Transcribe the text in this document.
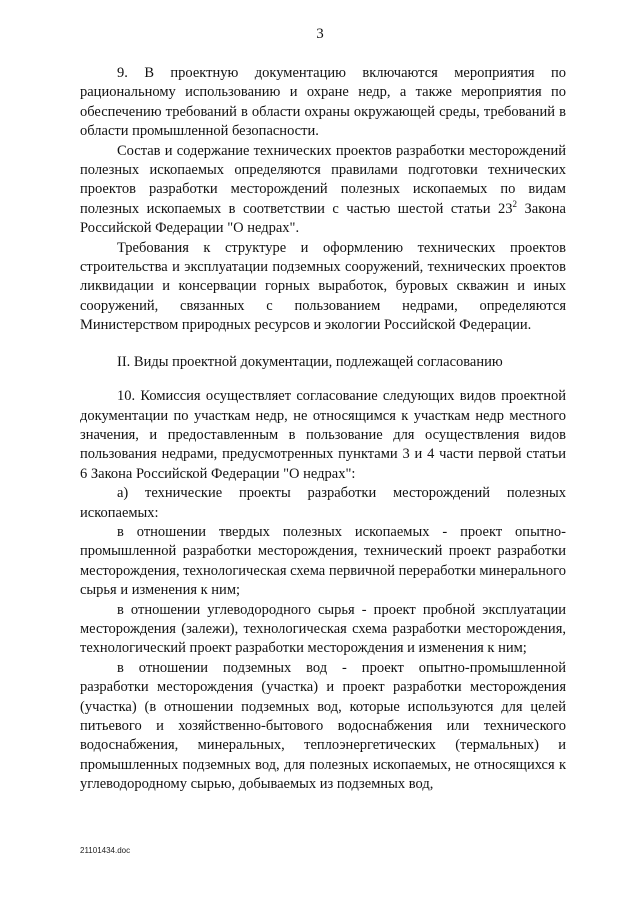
3

9. В проектную документацию включаются мероприятия по рациональному использованию и охране недр, а также мероприятия по обеспечению требований в области охраны окружающей среды, требований в области промышленной безопасности.

Состав и содержание технических проектов разработки месторождений полезных ископаемых определяются правилами подготовки технических проектов разработки месторождений полезных ископаемых по видам полезных ископаемых в соответствии с частью шестой статьи $23^2$ Закона Российской Федерации "О недрах".

Требования к структуре и оформлению технических проектов строительства и эксплуатации подземных сооружений, технических проектов ликвидации и консервации горных выработок, буровых скважин и иных сооружений, связанных с пользованием недрами, определяются Министерством природных ресурсов и экологии Российской Федерации.

II. Виды проектной документации, подлежащей согласованию

10. Комиссия осуществляет согласование следующих видов проектной документации по участкам недр, не относящимся к участкам недр местного значения, и предоставленным в пользование для осуществления видов пользования недрами, предусмотренных пунктами 3 и 4 части первой статьи 6 Закона Российской Федерации "О недрах":

а) технические проекты разработки месторождений полезных ископаемых:

в отношении твердых полезных ископаемых - проект опытно-промышленной разработки месторождения, технический проект разработки месторождения, технологическая схема первичной переработки минерального сырья и изменения к ним;

в отношении углеводородного сырья - проект пробной эксплуатации месторождения (залежи), технологическая схема разработки месторождения, технологический проект разработки месторождения и изменения к ним;

в отношении подземных вод - проект опытно-промышленной разработки месторождения (участка) и проект разработки месторождения (участка) (в отношении подземных вод, которые используются для целей питьевого и хозяйственно-бытового водоснабжения или технического водоснабжения, минеральных, теплоэнергетических (термальных) и промышленных подземных вод, для полезных ископаемых, не относящихся к углеводородному сырью, добываемых из подземных вод,

21101434.doc
